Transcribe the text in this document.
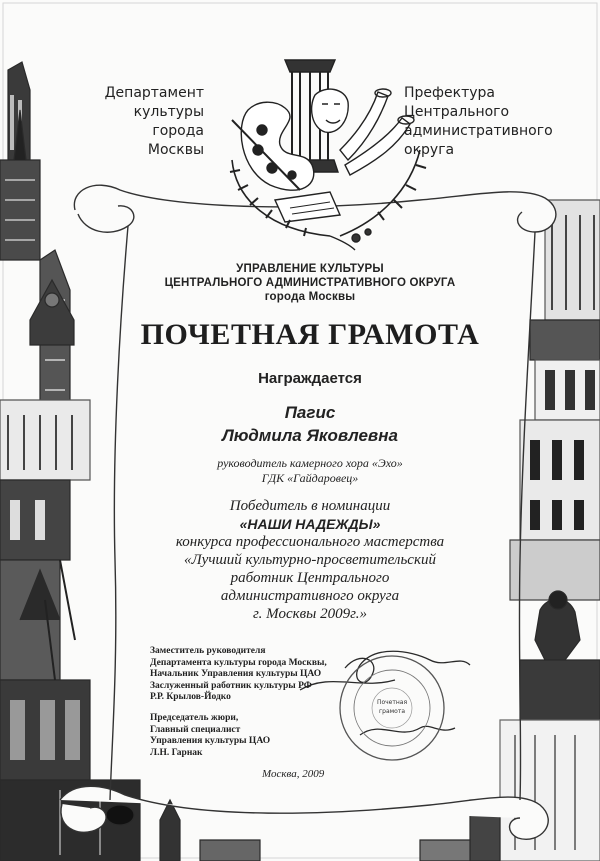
Департамент
культуры
города
Москвы
Префектура
Центрального
административного
округа
УПРАВЛЕНИЕ КУЛЬТУРЫ
ЦЕНТРАЛЬНОГО АДМИНИСТРАТИВНОГО ОКРУГА
города Москвы
ПОЧЕТНАЯ ГРАМОТА
Награждается
Пагис
Людмила Яковлевна
руководитель камерного хора «Эхо»
ГДК «Гайдаровец»
Победитель в номинации
«НАШИ НАДЕЖДЫ»
конкурса профессионального мастерства
«Лучший культурно-просветительский
работник Центрального
административного округа
г. Москвы 2009г.»
Заместитель руководителя
Департамента культуры города Москвы,
Начальник Управления культуры ЦАО
Заслуженный работник культуры РФ
Р.Р. Крылов-Йодко
Председатель жюри,
Главный специалист
Управления культуры ЦАО
Л.Н. Гарнак
Почетная
грамота
Москва, 2009
